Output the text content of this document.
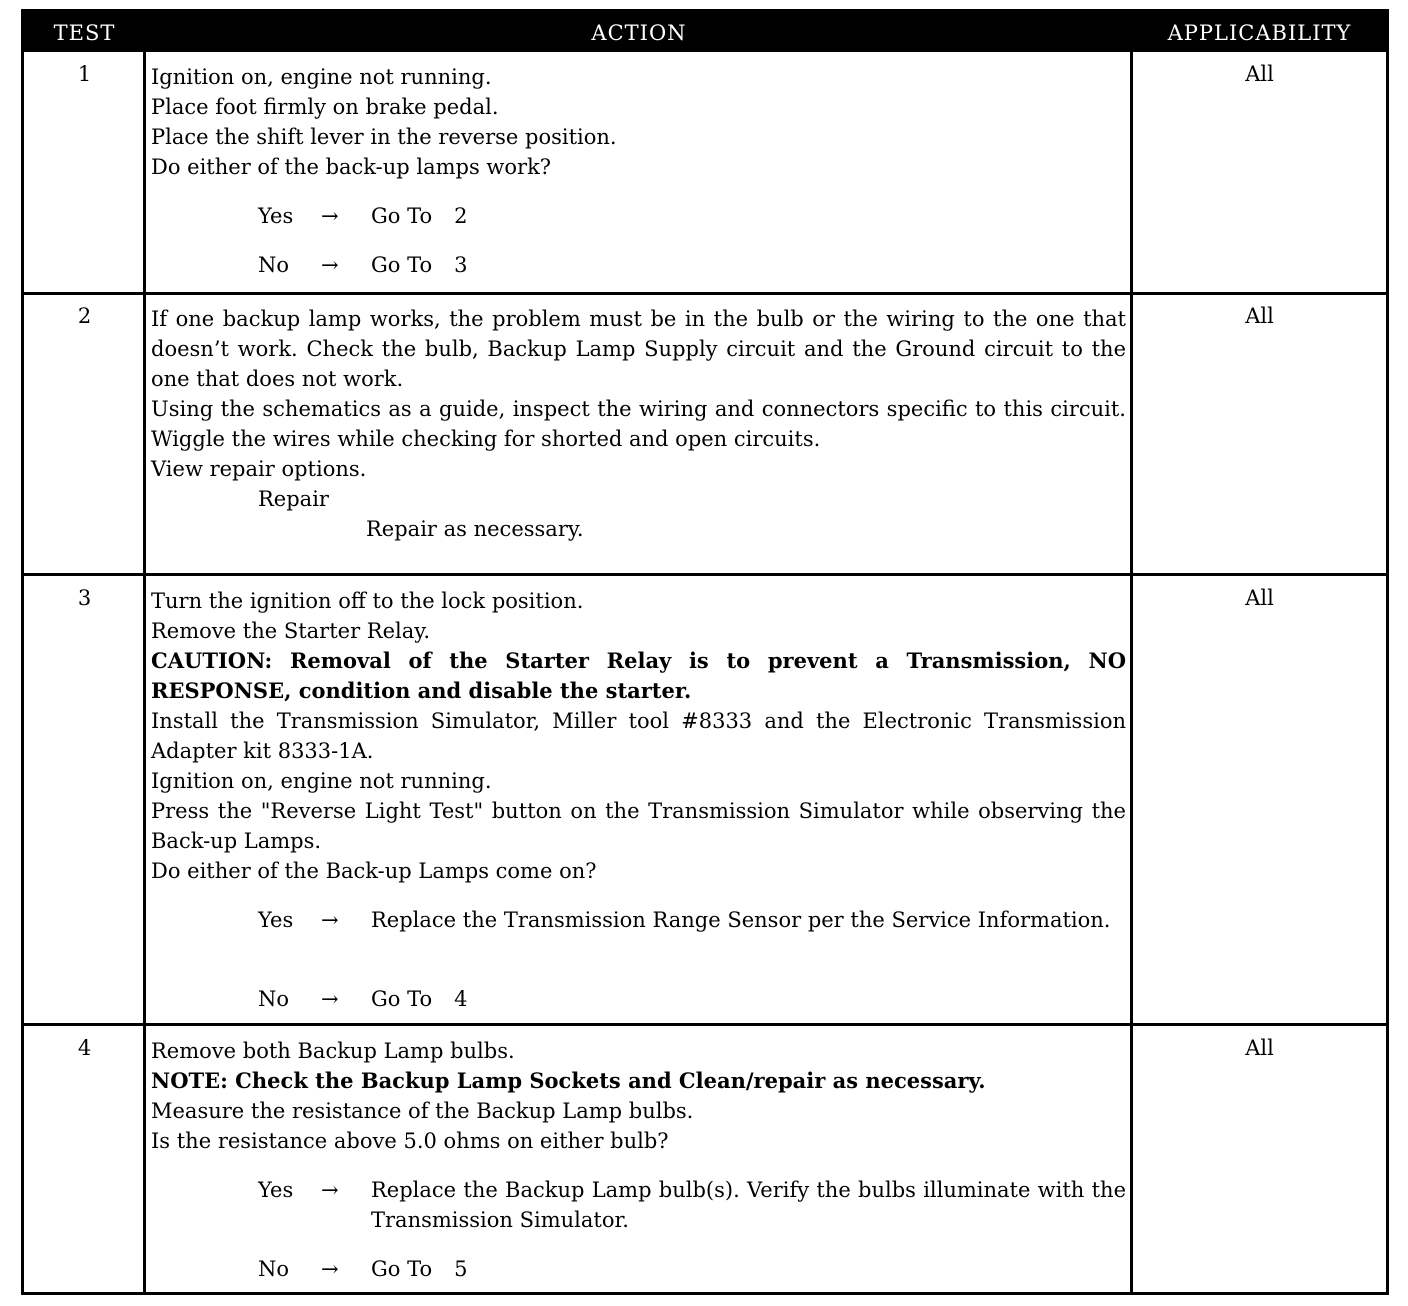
TEST	ACTION	APPLICABILITY
1	Ignition on, engine not running.

Place foot firmly on brake pedal.

Place the shift lever in the reverse position.

Do either of the back-up lamps work?

Yes → Go To 2
No → Go To 3
All
2	If one backup lamp works, the problem must be in the bulb or the wiring to the one that doesn’t work. Check the bulb, Backup Lamp Supply circuit and the Ground circuit to the one that does not work.

Using the schematics as a guide, inspect the wiring and connectors specific to this circuit. Wiggle the wires while checking for shorted and open circuits.

View repair options.

Repair

Repair as necessary.

All
3	Turn the ignition off to the lock position.

Remove the Starter Relay.

CAUTION: Removal of the Starter Relay is to prevent a Transmission, NO RESPONSE, condition and disable the starter.

Install the Transmission Simulator, Miller tool #8333 and the Electronic Transmission Adapter kit 8333-1A.

Ignition on, engine not running.

Press the "Reverse Light Test" button on the Transmission Simulator while observing the Back-up Lamps.

Do either of the Back-up Lamps come on?

Yes → Replace the Transmission Range Sensor per the Service Information.
No → Go To 4
All
4	Remove both Backup Lamp bulbs.

NOTE: Check the Backup Lamp Sockets and Clean/repair as necessary.

Measure the resistance of the Backup Lamp bulbs.

Is the resistance above 5.0 ohms on either bulb?

Yes → Replace the Backup Lamp bulb(s). Verify the bulbs illuminate with the Transmission Simulator.
No → Go To 5
All
